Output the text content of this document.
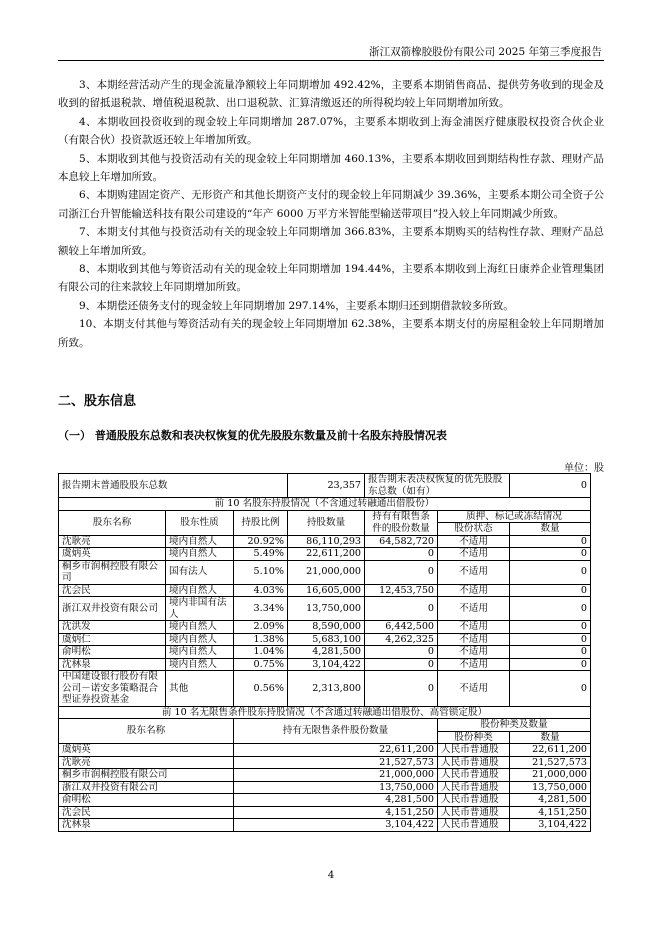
浙江双箭橡胶股份有限公司 2025 年第三季度报告

3、本期经营活动产生的现金流量净额较上年同期增加 492.42%，主要系本期销售商品、提供劳务收到的现金及收到的留抵退税款、增值税退税款、出口退税款、汇算清缴返还的所得税均较上年同期增加所致。

4、本期收回投资收到的现金较上年同期增加 287.07%，主要系本期收到上海金浦医疗健康股权投资合伙企业（有限合伙）投资款返还较上年增加所致。

5、本期收到其他与投资活动有关的现金较上年同期增加 460.13%，主要系本期收回到期结构性存款、理财产品本息较上年增加所致。

6、本期购建固定资产、无形资产和其他长期资产支付的现金较上年同期减少 39.36%，主要系本期公司全资子公司浙江台升智能输送科技有限公司建设的“年产 6000 万平方米智能型输送带项目”投入较上年同期减少所致。

7、本期支付其他与投资活动有关的现金较上年同期增加 366.83%，主要系本期购买的结构性存款、理财产品总额较上年增加所致。

8、本期收到其他与筹资活动有关的现金较上年同期增加 194.44%，主要系本期收到上海红日康养企业管理集团有限公司的往来款较上年同期增加所致。

9、本期偿还债务支付的现金较上年同期增加 297.14%，主要系本期归还到期借款较多所致。

10、本期支付其他与筹资活动有关的现金较上年同期增加 62.38%，主要系本期支付的房屋租金较上年同期增加所致。

二、股东信息
（一） 普通股股东总数和表决权恢复的优先股股东数量及前十名股东持股情况表
单位：股
报告期末普通股股东总数			23,357	报告期末表决权恢复的优先股股东总数（如有）		0
前 10 名股东持股情况（不含通过转融通出借股份）						
股东名称	股东性质	持股比例	持股数量	持有有限售条件的股份数量	质押、标记或冻结情况	
					股份状态	数量
沈耿亮	境内自然人	20.92%	86,110,293	64,582,720	不适用	0
虞炳英	境内自然人	5.49%	22,611,200	0	不适用	0
桐乡市润桐控股有限公司	国有法人	5.10%	21,000,000	0	不适用	0
沈会民	境内自然人	4.03%	16,605,000	12,453,750	不适用	0
浙江双井投资有限公司	境内非国有法人	3.34%	13,750,000	0	不适用	0
沈洪发	境内自然人	2.09%	8,590,000	6,442,500	不适用	0
虞炳仁	境内自然人	1.38%	5,683,100	4,262,325	不适用	0
俞明松	境内自然人	1.04%	4,281,500	0	不适用	0
沈林泉	境内自然人	0.75%	3,104,422	0	不适用	0
中国建设银行股份有限公司－诺安多策略混合型证券投资基金	其他	0.56%	2,313,800	0	不适用	0
前 10 名无限售条件股东持股情况（不含通过转融通出借股份、高管锁定股）						
股东名称		持有无限售条件股份数量			股份种类及数量	
					股份种类	数量
虞炳英		22,611,200			人民币普通股	22,611,200
沈耿亮		21,527,573			人民币普通股	21,527,573
桐乡市润桐控股有限公司		21,000,000			人民币普通股	21,000,000
浙江双井投资有限公司		13,750,000			人民币普通股	13,750,000
俞明松		4,281,500			人民币普通股	4,281,500
沈会民		4,151,250			人民币普通股	4,151,250
沈林泉		3,104,422			人民币普通股	3,104,422
4
